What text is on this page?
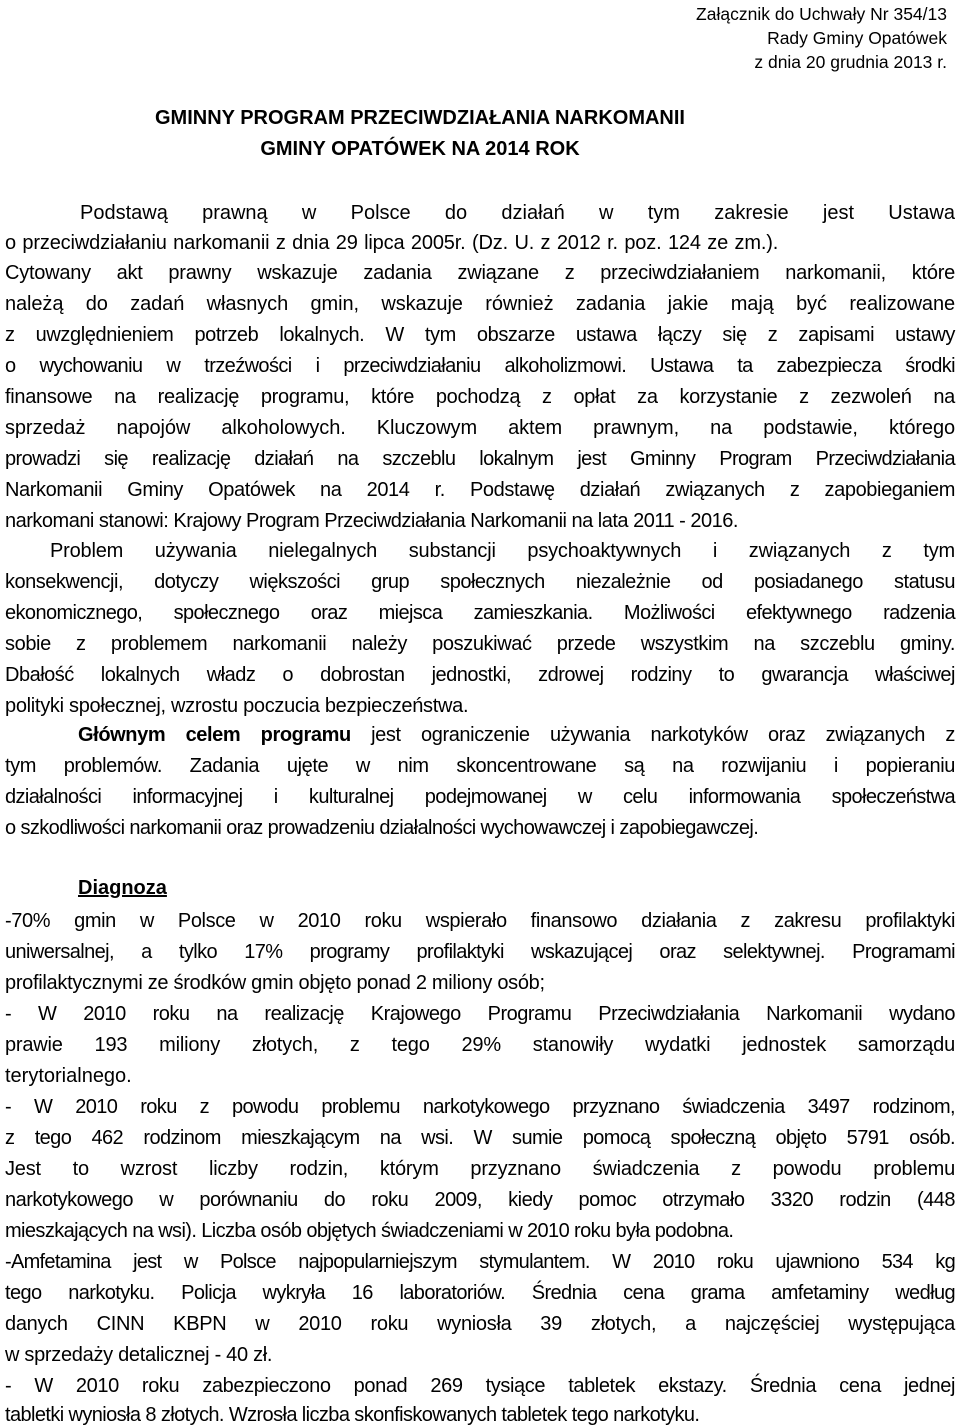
Załącznik do Uchwały Nr 354/13
Rady Gminy Opatówek
z dnia 20 grudnia 2013 r.
GMINNY PROGRAM PRZECIWDZIAŁANIA NARKOMANII
GMINY OPATÓWEK NA 2014 ROK
Podstawą prawną w Polsce do działań w tym zakresie jest Ustawa
o przeciwdziałaniu narkomanii z dnia 29 lipca 2005r. (Dz. U. z 2012 r. poz. 124 ze zm.).
Cytowany akt prawny wskazuje zadania związane z przeciwdziałaniem narkomanii, które
należą do zadań własnych gmin, wskazuje również zadania jakie mają być realizowane
z uwzględnieniem potrzeb lokalnych. W tym obszarze ustawa łączy się z zapisami ustawy
o wychowaniu w trzeźwości i przeciwdziałaniu alkoholizmowi. Ustawa ta zabezpiecza środki
finansowe na realizację programu, które pochodzą z opłat za korzystanie z zezwoleń na
sprzedaż napojów alkoholowych. Kluczowym aktem prawnym, na podstawie, którego
prowadzi się realizację działań na szczeblu lokalnym jest Gminny Program Przeciwdziałania
Narkomanii Gminy Opatówek na 2014 r. Podstawę działań związanych z zapobieganiem
narkomani stanowi: Krajowy Program Przeciwdziałania Narkomanii na lata 2011 - 2016.
Problem używania nielegalnych substancji psychoaktywnych i związanych z tym
konsekwencji, dotyczy większości grup społecznych niezależnie od posiadanego statusu
ekonomicznego, społecznego oraz miejsca zamieszkania. Możliwości efektywnego radzenia
sobie z problemem narkomanii należy poszukiwać przede wszystkim na szczeblu gminy.
Dbałość lokalnych władz o dobrostan jednostki, zdrowej rodziny to gwarancja właściwej
polityki społecznej, wzrostu poczucia bezpieczeństwa.
Głównym celem programu jest ograniczenie używania narkotyków oraz związanych z
tym problemów. Zadania ujęte w nim skoncentrowane są na rozwijaniu i popieraniu
działalności informacyjnej i kulturalnej podejmowanej w celu informowania społeczeństwa
o szkodliwości narkomanii oraz prowadzeniu działalności wychowawczej i zapobiegawczej.
Diagnoza
-70% gmin w Polsce w 2010 roku wspierało finansowo działania z zakresu profilaktyki
uniwersalnej, a tylko 17% programy profilaktyki wskazującej oraz selektywnej. Programami
profilaktycznymi ze środków gmin objęto ponad 2 miliony osób;
- W 2010 roku na realizację Krajowego Programu Przeciwdziałania Narkomanii wydano
prawie 193 miliony złotych, z tego 29% stanowiły wydatki jednostek samorządu
terytorialnego.
- W 2010 roku z powodu problemu narkotykowego przyznano świadczenia 3497 rodzinom,
z tego 462 rodzinom mieszkającym na wsi. W sumie pomocą społeczną objęto 5791 osób.
Jest to wzrost liczby rodzin, którym przyznano świadczenia z powodu problemu
narkotykowego w porównaniu do roku 2009, kiedy pomoc otrzymało 3320 rodzin (448
mieszkających na wsi). Liczba osób objętych świadczeniami w 2010 roku była podobna.
-Amfetamina jest w Polsce najpopularniejszym stymulantem. W 2010 roku ujawniono 534 kg
tego narkotyku. Policja wykryła 16 laboratoriów. Średnia cena grama amfetaminy według
danych CINN KBPN w 2010 roku wyniosła 39 złotych, a najczęściej występująca
w sprzedaży detalicznej - 40 zł.
- W 2010 roku zabezpieczono ponad 269 tysiące tabletek ekstazy. Średnia cena jednej
tabletki wyniosła 8 złotych. Wzrosła liczba skonfiskowanych tabletek tego narkotyku.
